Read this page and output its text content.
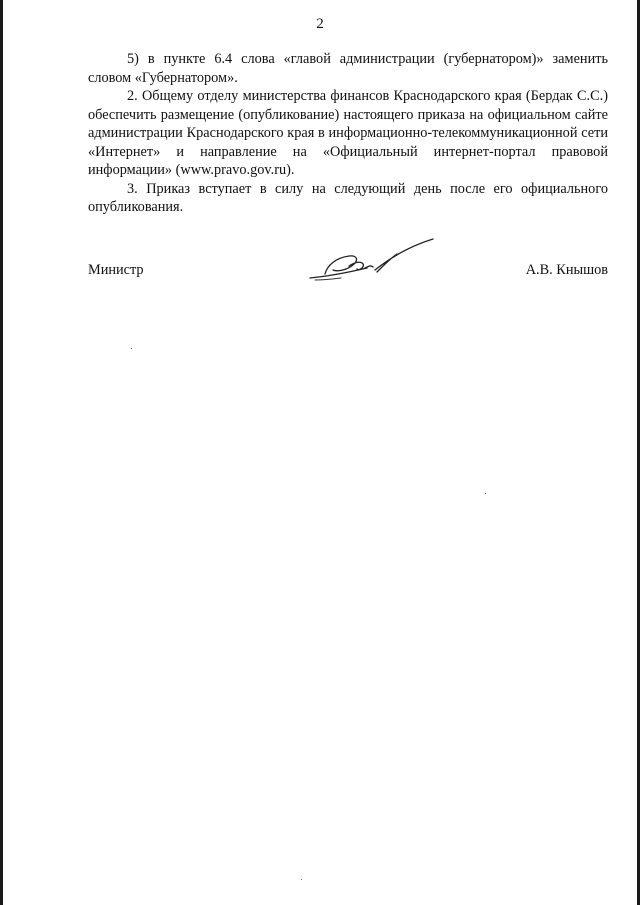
2

5) в пункте 6.4 слова «главой администрации (губернатором)» заменить словом «Губернатором».

2. Общему отделу министерства финансов Краснодарского края (Бердак С.С.) обеспечить размещение (опубликование) настоящего приказа на официальном сайте администрации Краснодарского края в информационно-телекоммуникационной сети «Интернет» и направление на «Официальный интернет-портал правовой информации» (www.pravo.gov.ru).

3. Приказ вступает в силу на следующий день после его официального опубликования.

Министр	А.В. Кнышов
